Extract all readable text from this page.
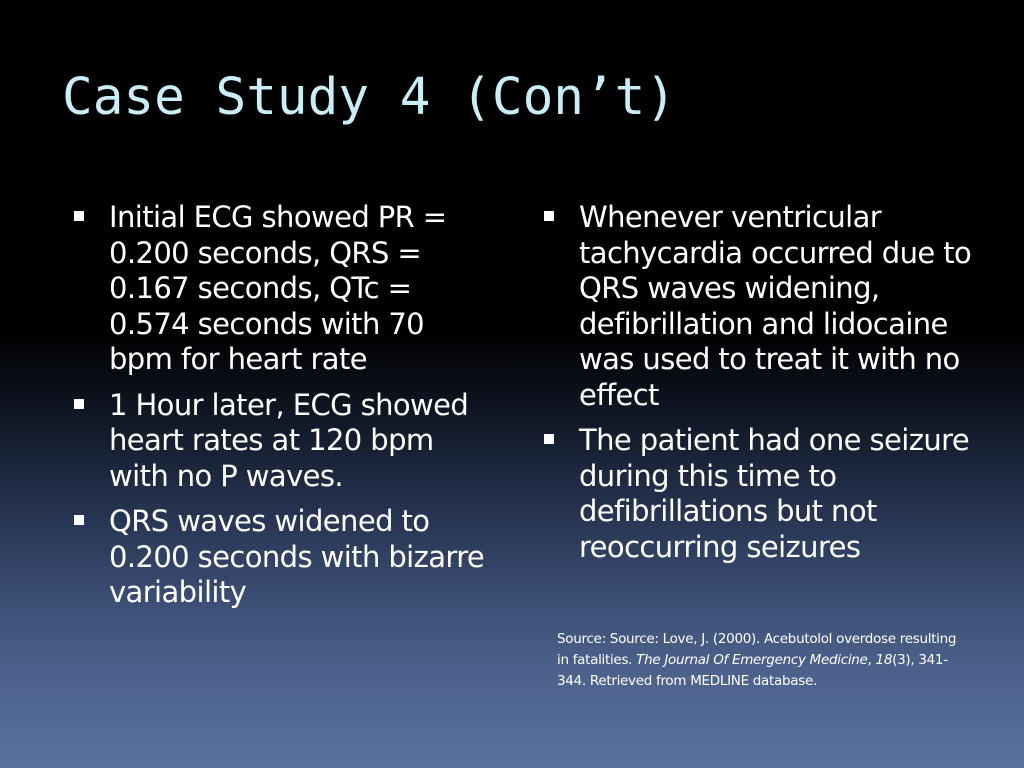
Case Study 4 (Con’t)
Initial ECG showed PR = 0.200 seconds, QRS = 0.167 seconds, QTc = 0.574 seconds with 70 bpm for heart rate
1 Hour later, ECG showed heart rates at 120 bpm with no P waves.
QRS waves widened to 0.200 seconds with bizarre variability
Whenever ventricular tachycardia occurred due to QRS waves widening, defibrillation and lidocaine was used to treat it with no effect
The patient had one seizure during this time to defibrillations but not reoccurring seizures

Source: Source: Love, J. (2000). Acebutolol overdose resulting in fatalities. The Journal Of Emergency Medicine, 18(3), 341-344. Retrieved from MEDLINE database.
